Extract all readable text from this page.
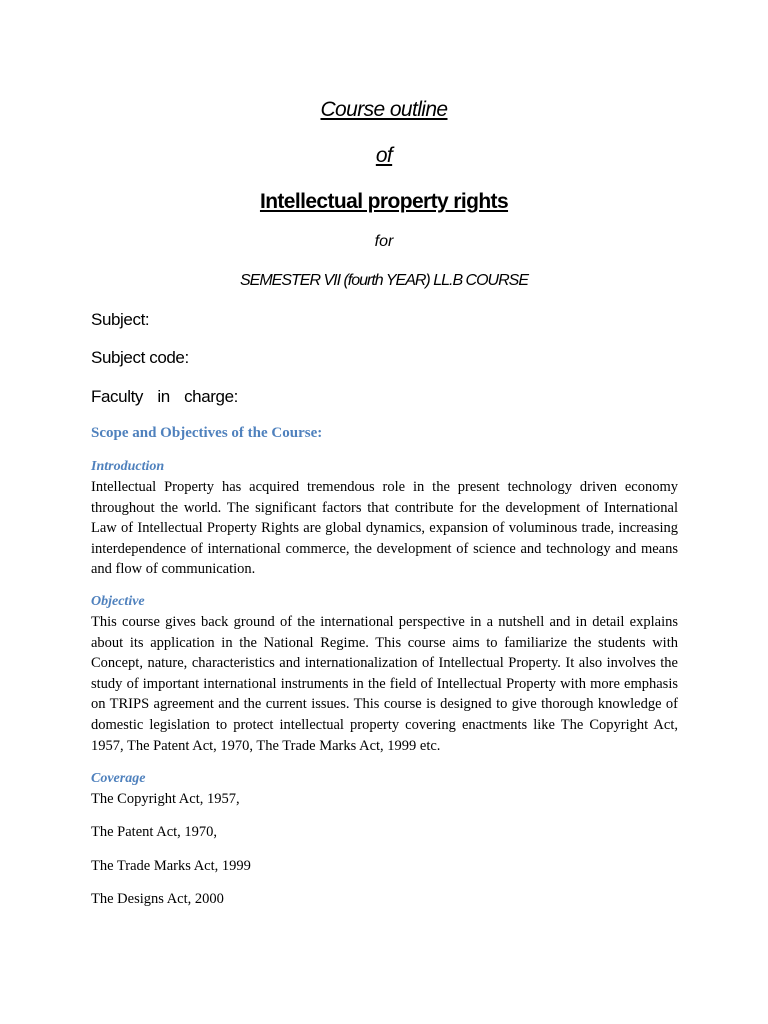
Course outline
of
Intellectual property rights
for
SEMESTER VII (fourth YEAR) LL.B COURSE
Subject:
Subject code:
Faculty in charge:
Scope and Objectives of the Course:
Introduction
Intellectual Property has acquired tremendous role in the present technology driven economy throughout the world. The significant factors that contribute for the development of International Law of Intellectual Property Rights are global dynamics, expansion of voluminous trade, increasing interdependence of international commerce, the development of science and technology and means and flow of communication.
Objective
This course gives back ground of the international perspective in a nutshell and in detail explains about its application in the National Regime. This course aims to familiarize the students with Concept, nature, characteristics and internationalization of Intellectual Property. It also involves the study of important international instruments in the field of Intellectual Property with more emphasis on TRIPS agreement and the current issues. This course is designed to give thorough knowledge of domestic legislation to protect intellectual property covering enactments like The Copyright Act, 1957, The Patent Act, 1970, The Trade Marks Act, 1999 etc.
Coverage
The Copyright Act, 1957,
The Patent Act, 1970,
The Trade Marks Act, 1999
The Designs Act, 2000
